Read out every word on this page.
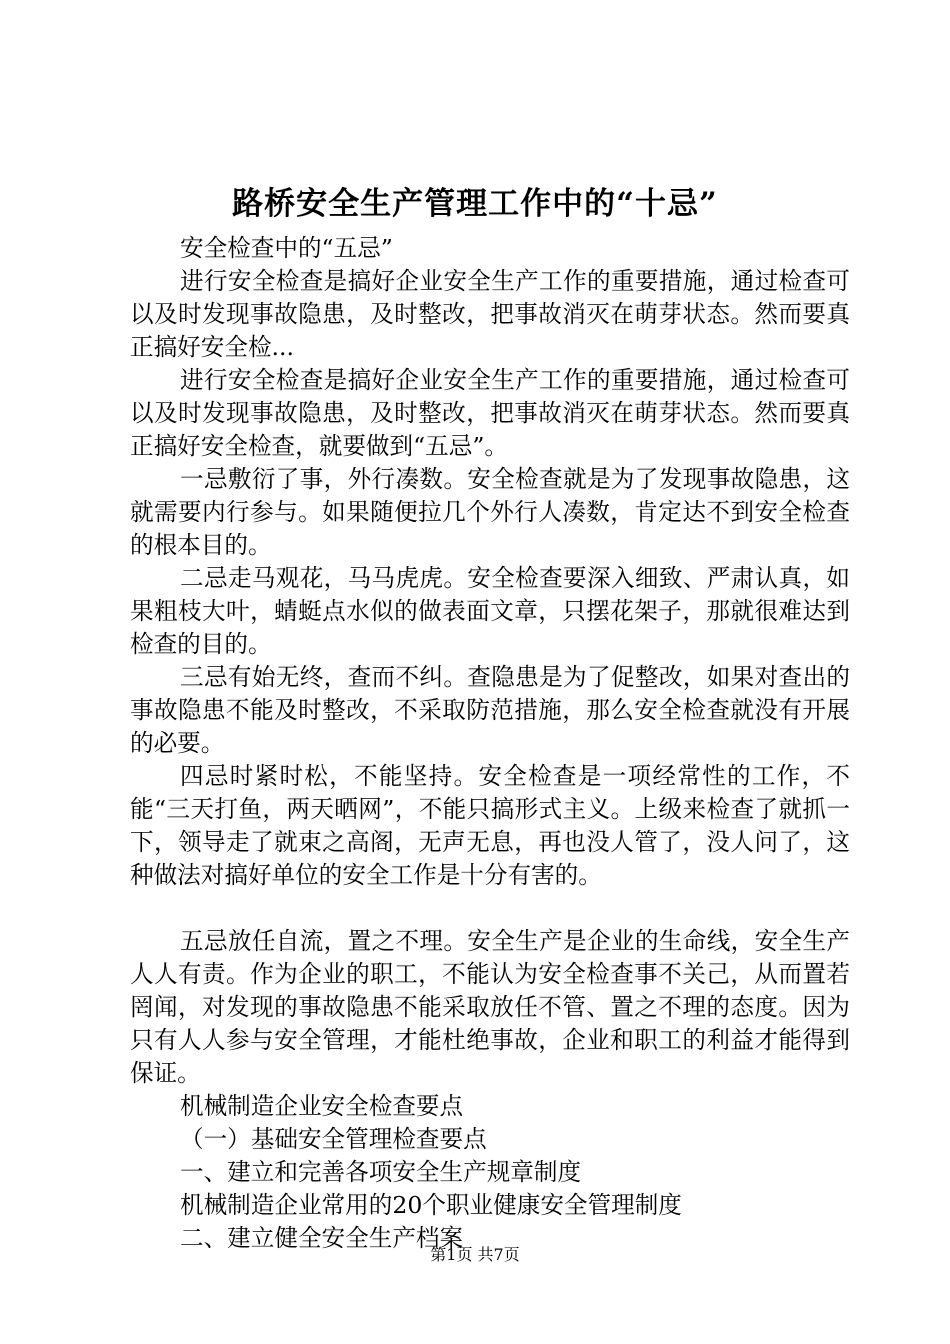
路桥安全生产管理工作中的“十忌”

安全检查中的“五忌”

进行安全检查是搞好企业安全生产工作的重要措施，通过检查可以及时发现事故隐患，及时整改，把事故消灭在萌芽状态。然而要真正搞好安全检...

进行安全检查是搞好企业安全生产工作的重要措施，通过检查可以及时发现事故隐患，及时整改，把事故消灭在萌芽状态。然而要真正搞好安全检查，就要做到“五忌”。

一忌敷衍了事，外行凑数。安全检查就是为了发现事故隐患，这就需要内行参与。如果随便拉几个外行人凑数，肯定达不到安全检查的根本目的。

二忌走马观花，马马虎虎。安全检查要深入细致、严肃认真，如果粗枝大叶，蜻蜓点水似的做表面文章，只摆花架子，那就很难达到检查的目的。

三忌有始无终，查而不纠。查隐患是为了促整改，如果对查出的事故隐患不能及时整改，不采取防范措施，那么安全检查就没有开展的必要。

四忌时紧时松，不能坚持。安全检查是一项经常性的工作，不能“三天打鱼，两天晒网”，不能只搞形式主义。上级来检查了就抓一下，领导走了就束之高阁，无声无息，再也没人管了，没人问了，这种做法对搞好单位的安全工作是十分有害的。

五忌放任自流，置之不理。安全生产是企业的生命线，安全生产人人有责。作为企业的职工，不能认为安全检查事不关己，从而置若罔闻，对发现的事故隐患不能采取放任不管、置之不理的态度。因为只有人人参与安全管理，才能杜绝事故，企业和职工的利益才能得到保证。

机械制造企业安全检查要点

（一）基础安全管理检查要点

一、建立和完善各项安全生产规章制度

机械制造企业常用的20个职业健康安全管理制度

二、建立健全安全生产档案

第1页 共7页
